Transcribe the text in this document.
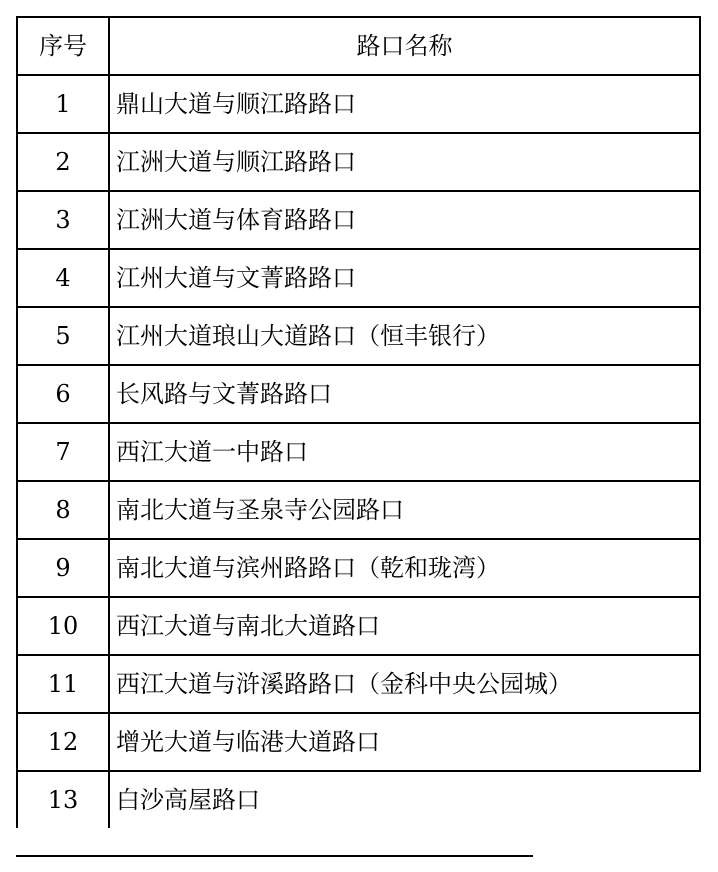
序号	路口名称
1	鼎山大道与顺江路路口
2	江洲大道与顺江路路口
3	江洲大道与体育路路口
4	江州大道与文菁路路口
5	江州大道琅山大道路口（恒丰银行）
6	长风路与文菁路路口
7	西江大道一中路口
8	南北大道与圣泉寺公园路口
9	南北大道与滨州路路口（乾和珑湾）
10	西江大道与南北大道路口
11	西江大道与浒溪路路口（金科中央公园城）
12	增光大道与临港大道路口
13	白沙高屋路口
